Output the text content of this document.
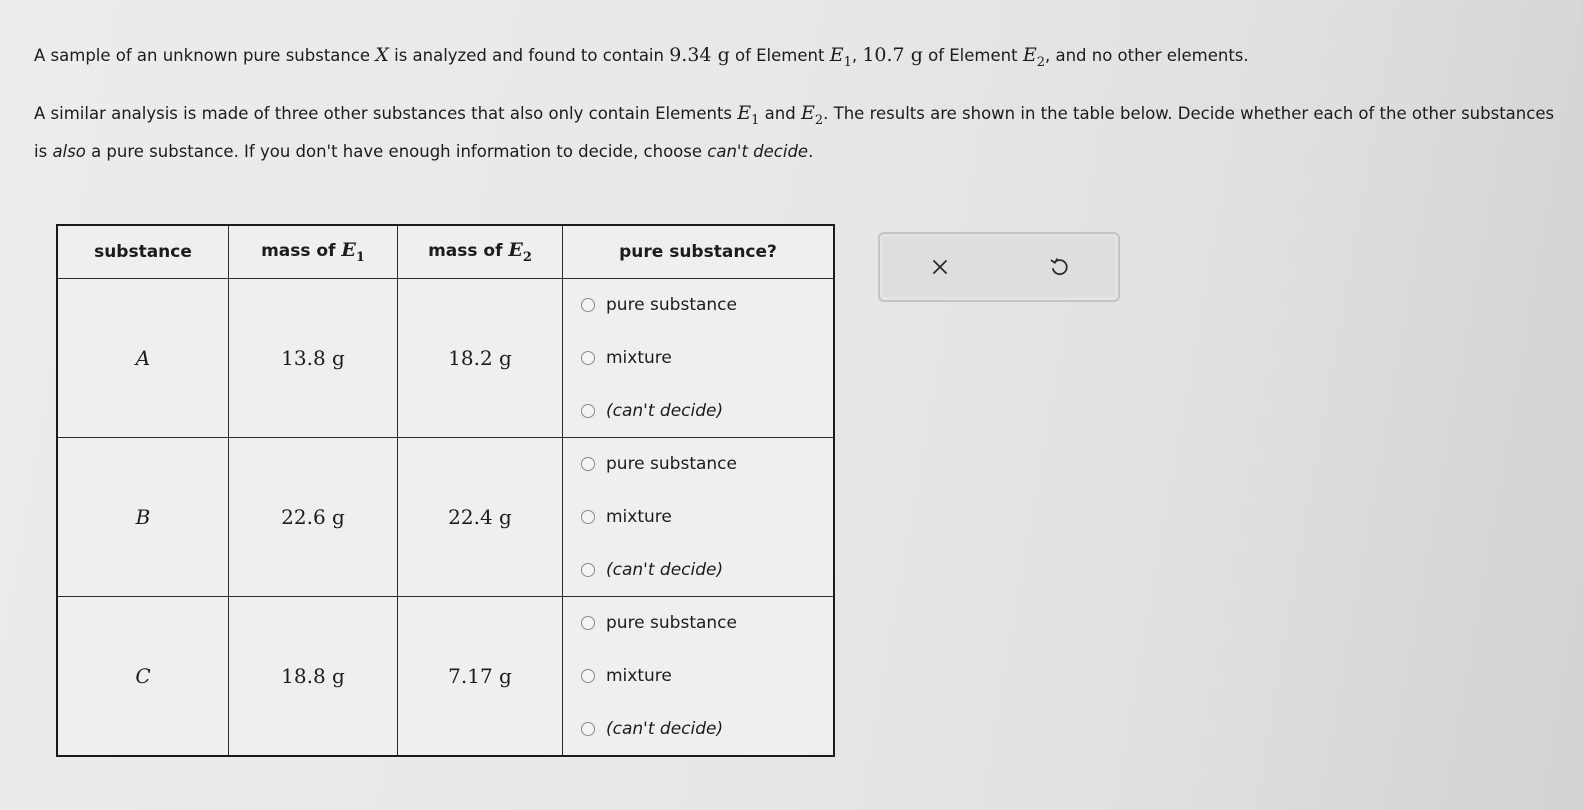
A sample of an unknown pure substance X is analyzed and found to contain 9.34 g of Element $E_1$, 10.7 g of Element $E_2$, and no other elements.

A similar analysis is made of three other substances that also only contain Elements $E_1$ and $E_2$. The results are shown in the table below. Decide whether each of the other substances is also a pure substance. If you don't have enough information to decide, choose can't decide.

substance	mass of $E_1$	mass of $E_2$	pure substance?
A	13.8 g	18.2 g	pure substance
mixture
(can't decide)

B	22.6 g	22.4 g	pure substance
mixture
(can't decide)

C	18.8 g	7.17 g	pure substance
mixture
(can't decide)
